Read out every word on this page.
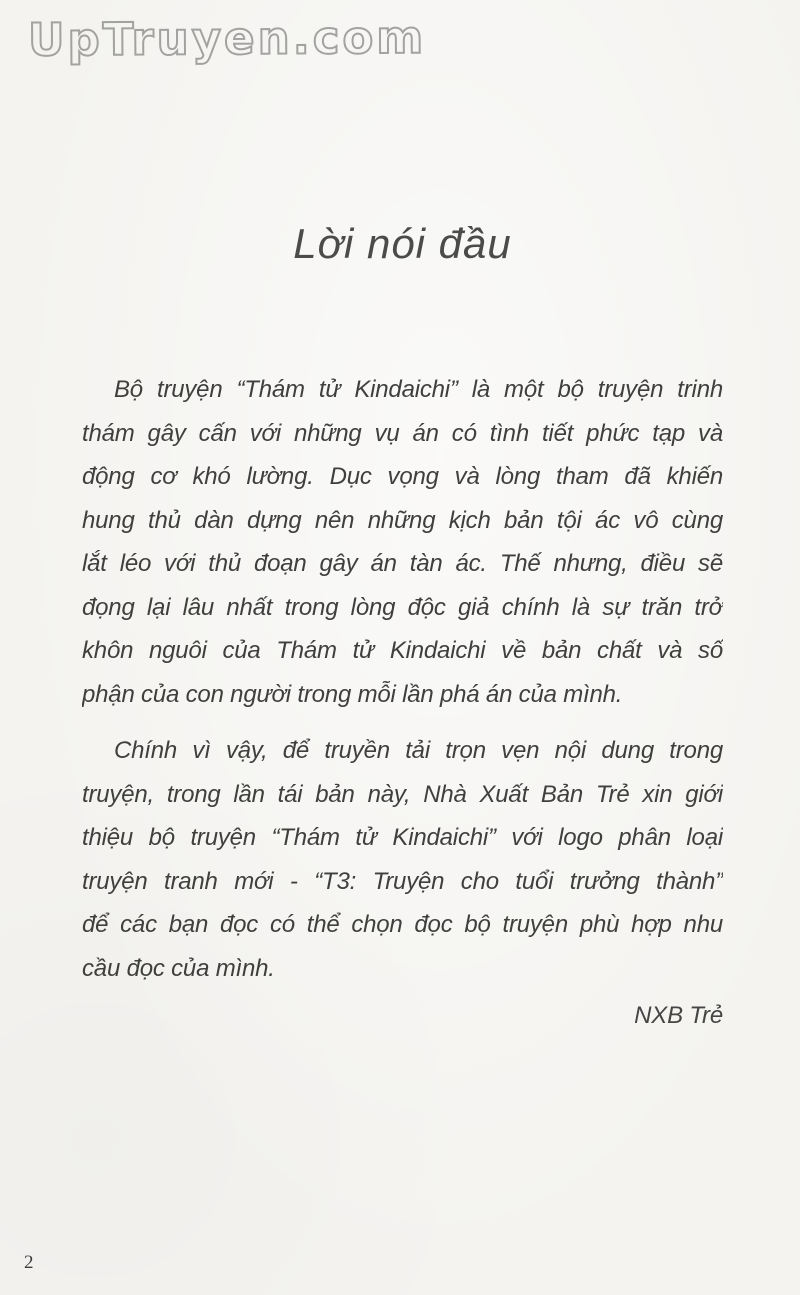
UpTruyen.com
Lời nói đầu
Bộ truyện “Thám tử Kindaichi” là một bộ truyện trinh
thám gây cấn với những vụ án có tình tiết phức tạp và
động cơ khó lường. Dục vọng và lòng tham đã khiến
hung thủ dàn dựng nên những kịch bản tội ác vô cùng
lắt léo với thủ đoạn gây án tàn ác. Thế nhưng, điều sẽ
đọng lại lâu nhất trong lòng độc giả chính là sự trăn trở
khôn nguôi của Thám tử Kindaichi về bản chất và số
phận của con người trong mỗi lần phá án của mình.
Chính vì vậy, để truyền tải trọn vẹn nội dung trong
truyện, trong lần tái bản này, Nhà Xuất Bản Trẻ xin giới
thiệu bộ truyện “Thám tử Kindaichi” với logo phân loại
truyện tranh mới - “T3: Truyện cho tuổi trưởng thành”
để các bạn đọc có thể chọn đọc bộ truyện phù hợp nhu
cầu đọc của mình.
NXB Trẻ
2
